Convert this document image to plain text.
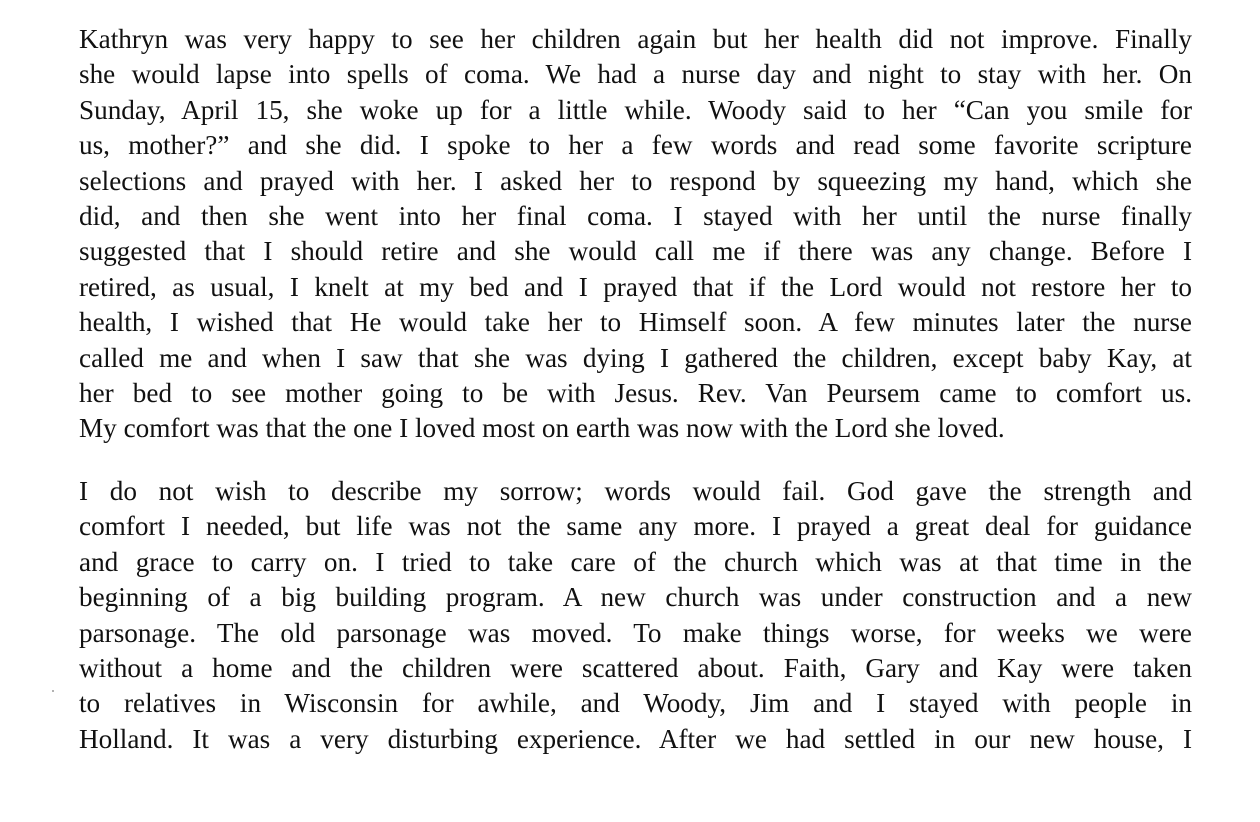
Kathryn was very happy to see her children again but her health did not improve. Finally
she would lapse into spells of coma. We had a nurse day and night to stay with her. On
Sunday, April 15, she woke up for a little while. Woody said to her “Can you smile for
us, mother?” and she did. I spoke to her a few words and read some favorite scripture
selections and prayed with her. I asked her to respond by squeezing my hand, which she
did, and then she went into her final coma. I stayed with her until the nurse finally
suggested that I should retire and she would call me if there was any change. Before I
retired, as usual, I knelt at my bed and I prayed that if the Lord would not restore her to
health, I wished that He would take her to Himself soon. A few minutes later the nurse
called me and when I saw that she was dying I gathered the children, except baby Kay, at
her bed to see mother going to be with Jesus. Rev. Van Peursem came to comfort us.
My comfort was that the one I loved most on earth was now with the Lord she loved.
I do not wish to describe my sorrow; words would fail. God gave the strength and
comfort I needed, but life was not the same any more. I prayed a great deal for guidance
and grace to carry on. I tried to take care of the church which was at that time in the
beginning of a big building program. A new church was under construction and a new
parsonage. The old parsonage was moved. To make things worse, for weeks we were
without a home and the children were scattered about. Faith, Gary and Kay were taken
to relatives in Wisconsin for awhile, and Woody, Jim and I stayed with people in
Holland. It was a very disturbing experience. After we had settled in our new house, I
